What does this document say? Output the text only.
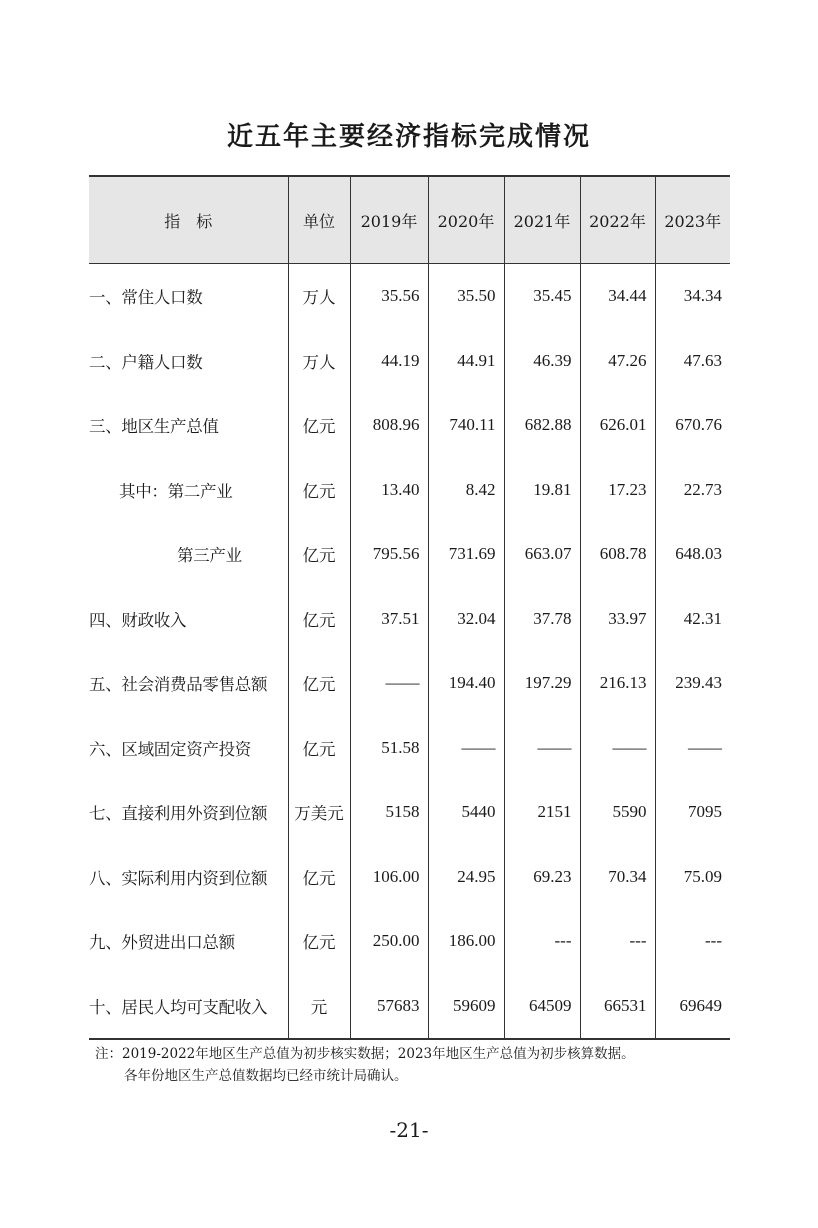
近五年主要经济指标完成情况
指　标	单位	2019年	2020年	2021年	2022年	2023年
一、常住人口数	万人	35.56	35.50	35.45	34.44	34.34
二、户籍人口数	万人	44.19	44.91	46.39	47.26	47.63
三、地区生产总值	亿元	808.96	740.11	682.88	626.01	670.76
其中：第二产业	亿元	13.40	8.42	19.81	17.23	22.73
第三产业	亿元	795.56	731.69	663.07	608.78	648.03
四、财政收入	亿元	37.51	32.04	37.78	33.97	42.31
五、社会消费品零售总额	亿元	——	194.40	197.29	216.13	239.43
六、区域固定资产投资	亿元	51.58	——	——	——	——
七、直接利用外资到位额	万美元	5158	5440	2151	5590	7095
八、实际利用内资到位额	亿元	106.00	24.95	69.23	70.34	75.09
九、外贸进出口总额	亿元	250.00	186.00	---	---	---
十、居民人均可支配收入	元	57683	59609	64509	66531	69649
注：2019-2022年地区生产总值为初步核实数据；2023年地区生产总值为初步核算数据。
各年份地区生产总值数据均已经市统计局确认。
-21-
